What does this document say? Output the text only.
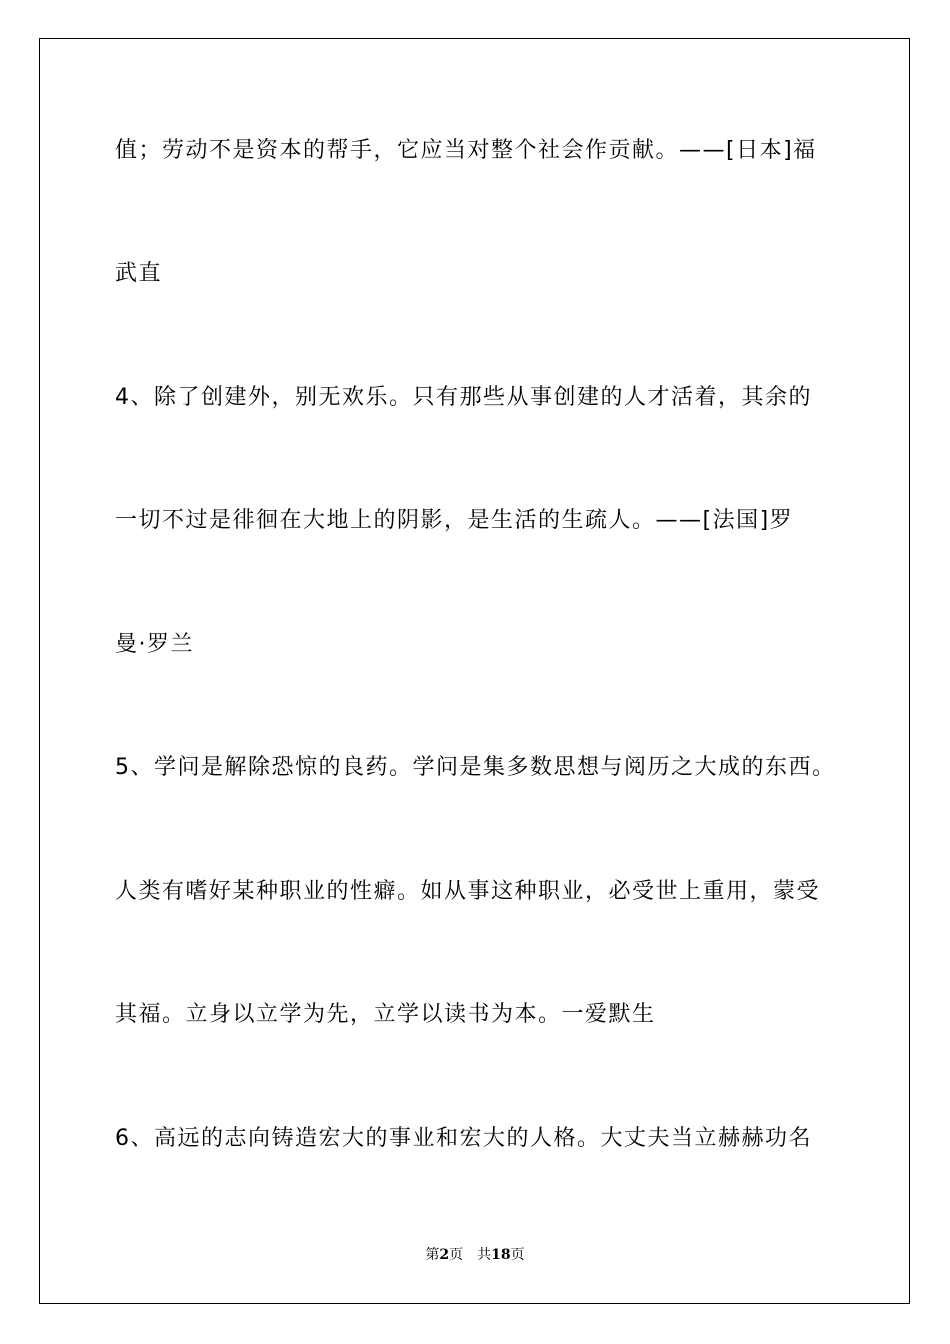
值；劳动不是资本的帮手，它应当对整个社会作贡献。——[日本]福
武直
4、除了创建外，别无欢乐。只有那些从事创建的人才活着，其余的
一切不过是徘徊在大地上的阴影，是生活的生疏人。——[法国]罗
曼·罗兰
5、学问是解除恐惊的良药。学问是集多数思想与阅历之大成的东西。
人类有嗜好某种职业的性癖。如从事这种职业，必受世上重用，蒙受
其福。立身以立学为先，立学以读书为本。一爱默生
6、高远的志向铸造宏大的事业和宏大的人格。大丈夫当立赫赫功名
第2页 共18页
